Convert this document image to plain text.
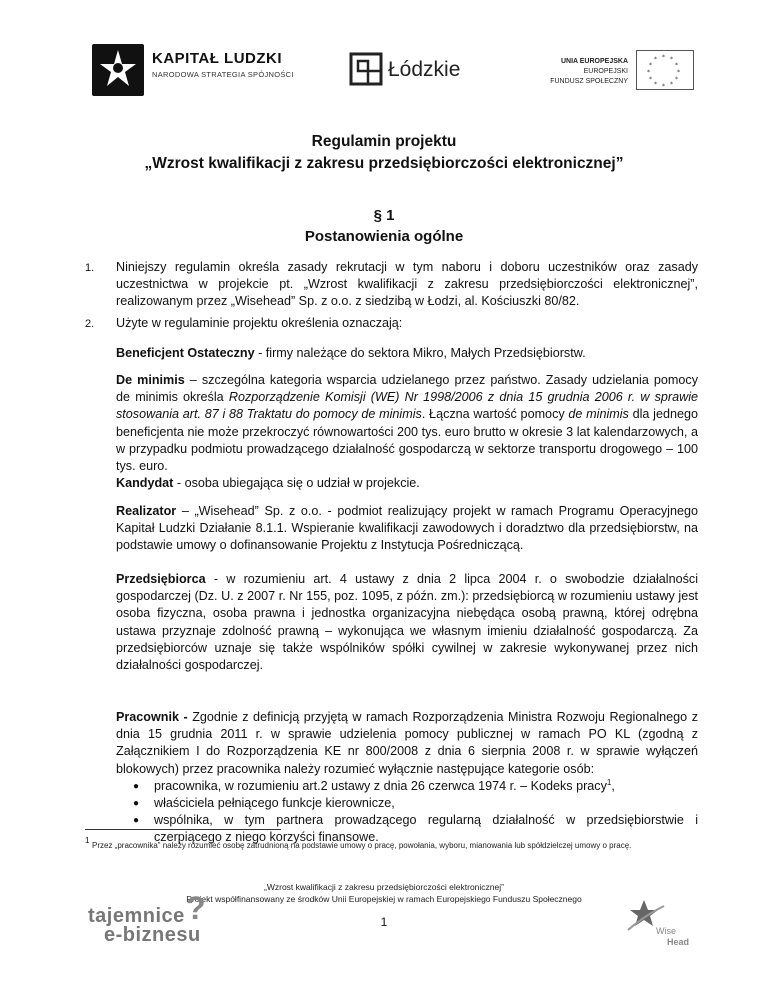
KAPITAŁ LUDZKI
NARODOWA STRATEGIA SPÓJNOŚCI	Łódzkie	UNIA EUROPEJSKA
EUROPEJSKI
FUNDUSZ SPOŁECZNY
* *
*
*
*
*
*
*
*
*
*
*
Regulamin projektu
„Wzrost kwalifikacji z zakresu przedsiębiorczości elektronicznej”
§ 1
Postanowienia ogólne
1. Niniejszy regulamin określa zasady rekrutacji w tym naboru i doboru uczestników oraz zasady uczestnictwa w projekcie pt. „Wzrost kwalifikacji z zakresu przedsiębiorczości elektronicznej”, realizowanym przez „Wisehead” Sp. z o.o. z siedzibą w Łodzi, al. Kościuszki 80/82.
2. Użyte w regulaminie projektu określenia oznaczają:
Beneficjent Ostateczny - firmy należące do sektora Mikro, Małych Przedsiębiorstw.
De minimis – szczególna kategoria wsparcia udzielanego przez państwo. Zasady udzielania pomocy de minimis określa Rozporządzenie Komisji (WE) Nr 1998/2006 z dnia 15 grudnia 2006 r. w sprawie stosowania art. 87 i 88 Traktatu do pomocy de minimis. Łączna wartość pomocy de minimis dla jednego beneficjenta nie może przekroczyć równowartości 200 tys. euro brutto w okresie 3 lat kalendarzowych, a w przypadku podmiotu prowadzącego działalność gospodarczą w sektorze transportu drogowego – 100 tys. euro.
Kandydat - osoba ubiegająca się o udział w projekcie.
Realizator – „Wisehead” Sp. z o.o. - podmiot realizujący projekt w ramach Programu Operacyjnego Kapitał Ludzki Działanie 8.1.1. Wspieranie kwalifikacji zawodowych i doradztwo dla przedsiębiorstw, na podstawie umowy o dofinansowanie Projektu z Instytucja Pośredniczącą.
Przedsiębiorca - w rozumieniu art. 4 ustawy z dnia 2 lipca 2004 r. o swobodzie działalności gospodarczej (Dz. U. z 2007 r. Nr 155, poz. 1095, z późn. zm.): przedsiębiorcą w rozumieniu ustawy jest osoba fizyczna, osoba prawna i jednostka organizacyjna niebędąca osobą prawną, której odrębna ustawa przyznaje zdolność prawną – wykonująca we własnym imieniu działalność gospodarczą. Za przedsiębiorców uznaje się także wspólników spółki cywilnej w zakresie wykonywanej przez nich działalności gospodarczej.
Pracownik - Zgodnie z definicją przyjętą w ramach Rozporządzenia Ministra Rozwoju Regionalnego z dnia 15 grudnia 2011 r. w sprawie udzielenia pomocy publicznej w ramach PO KL (zgodną z Załącznikiem I do Rozporządzenia KE nr 800/2008 z dnia 6 sierpnia 2008 r. w sprawie wyłączeń blokowych) przez pracownika należy rozumieć wyłącznie następujące kategorie osób:
● pracownika, w rozumieniu art.2 ustawy z dnia 26 czerwca 1974 r. – Kodeks pracy$^1$,
● właściciela pełniącego funkcje kierownicze,
● wspólnika, w tym partnera prowadzącego regularną działalność w przedsiębiorstwie i czerpiącego z niego korzyści finansowe.
1
Przez „pracownika” należy rozumieć osobę zatrudnioną na podstawie umowy o pracę, powołania, wyboru, mianowania lub spółdzielczej umowy o pracę.
„Wzrost kwalifikacji z zakresu przedsiębiorczości elektronicznej”
Projekt współfinansowany ze środków Unii Europejskiej w ramach Europejskiego Funduszu Społecznego
1
tajemnice
e-biznesu
?
Wise
Head
